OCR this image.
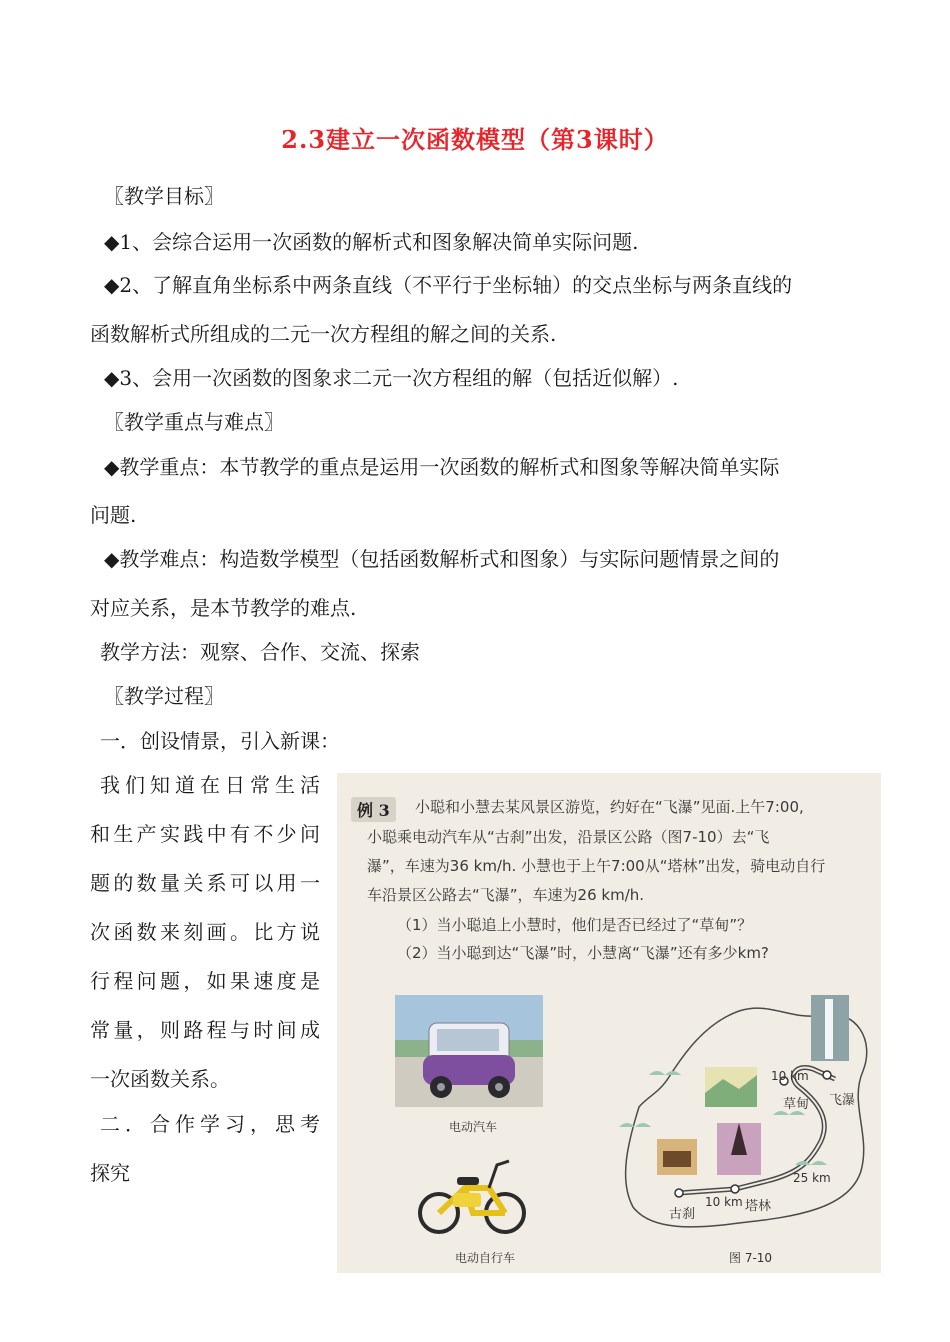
2.3建立一次函数模型（第3课时）
〖教学目标〗
◆1、会综合运用一次函数的解析式和图象解决简单实际问题.
◆2、了解直角坐标系中两条直线（不平行于坐标轴）的交点坐标与两条直线的
函数解析式所组成的二元一次方程组的解之间的关系.
◆3、会用一次函数的图象求二元一次方程组的解（包括近似解）.
〖教学重点与难点〗
◆教学重点：本节教学的重点是运用一次函数的解析式和图象等解决简单实际
问题.
◆教学难点：构造数学模型（包括函数解析式和图象）与实际问题情景之间的
对应关系，是本节教学的难点.
教学方法：观察、合作、交流、探索
〖教学过程〗
一．创设情景，引入新课：
我们知道在日常生活
和生产实践中有不少问
题的数量关系可以用一
次函数来刻画。比方说
行程问题，如果速度是
常量，则路程与时间成
一次函数关系。
二．合作学习，思考
探究
例 3	小聪和小慧去某风景区游览，约好在“飞瀑”见面.上午7:00,
小聪乘电动汽车从“古刹”出发，沿景区公路（图7-10）去“飞
瀑”，车速为36 km/h. 小慧也于上午7:00从“塔林”出发，骑电动自行
车沿景区公路去“飞瀑”，车速为26 km/h.
（1）当小聪追上小慧时，他们是否已经过了“草甸”？
（2）当小聪到达“飞瀑”时，小慧离“飞瀑”还有多少km?
电动汽车
电动自行车
10 km
草甸 飞瀑
25 km
古刹
10 km 塔林
图 7-10
